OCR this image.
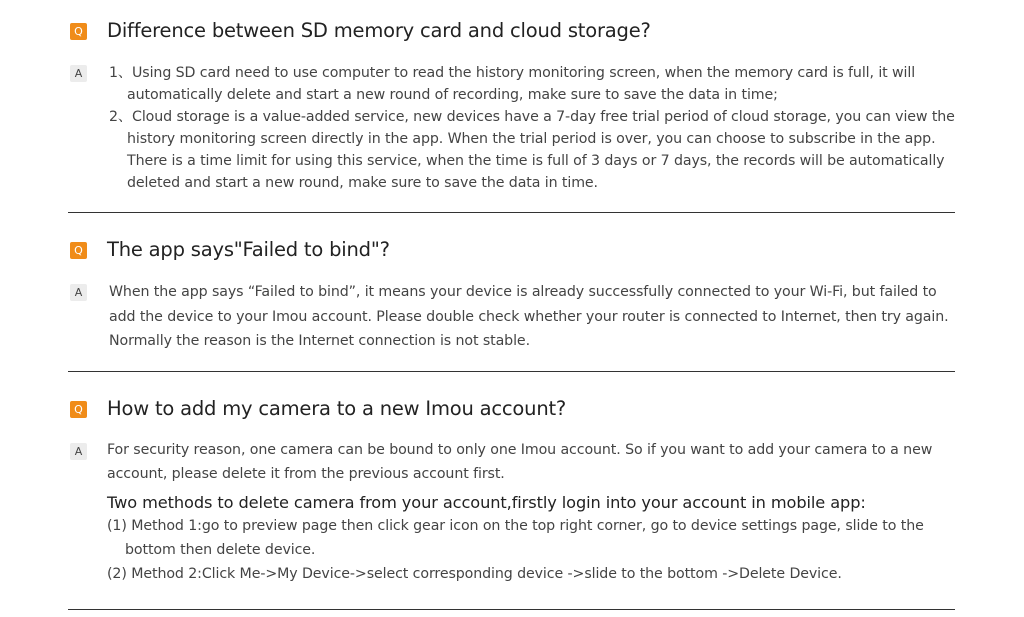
Q Difference between SD memory card and cloud storage?
A	1、Using SD card need to use computer to read the history monitoring screen, when the memory card is full, it will automatically delete and start a new round of recording, make sure to save the data in time;

2、Cloud storage is a value-added service, new devices have a 7-day free trial period of cloud storage, you can view the history monitoring screen directly in the app. When the trial period is over, you can choose to subscribe in the app. There is a time limit for using this service, when the time is full of 3 days or 7 days, the records will be automatically deleted and start a new round, make sure to save the data in time.

Q The app says"Failed to bind"?
A	When the app says “Failed to bind”, it means your device is already successfully connected to your Wi-Fi, but failed to add the device to your Imou account. Please double check whether your router is connected to Internet, then try again. Normally the reason is the Internet connection is not stable.
Q How to add my camera to a new Imou account?
A	For security reason, one camera can be bound to only one Imou account. So if you want to add your camera to a new account, please delete it from the previous account first.

Two methods to delete camera from your account,firstly login into your account in mobile app:

(1) Method 1:go to preview page then click gear icon on the top right corner, go to device settings page, slide to the bottom then delete device.

(2) Method 2:Click Me->My Device->select corresponding device ->slide to the bottom ->Delete Device.
